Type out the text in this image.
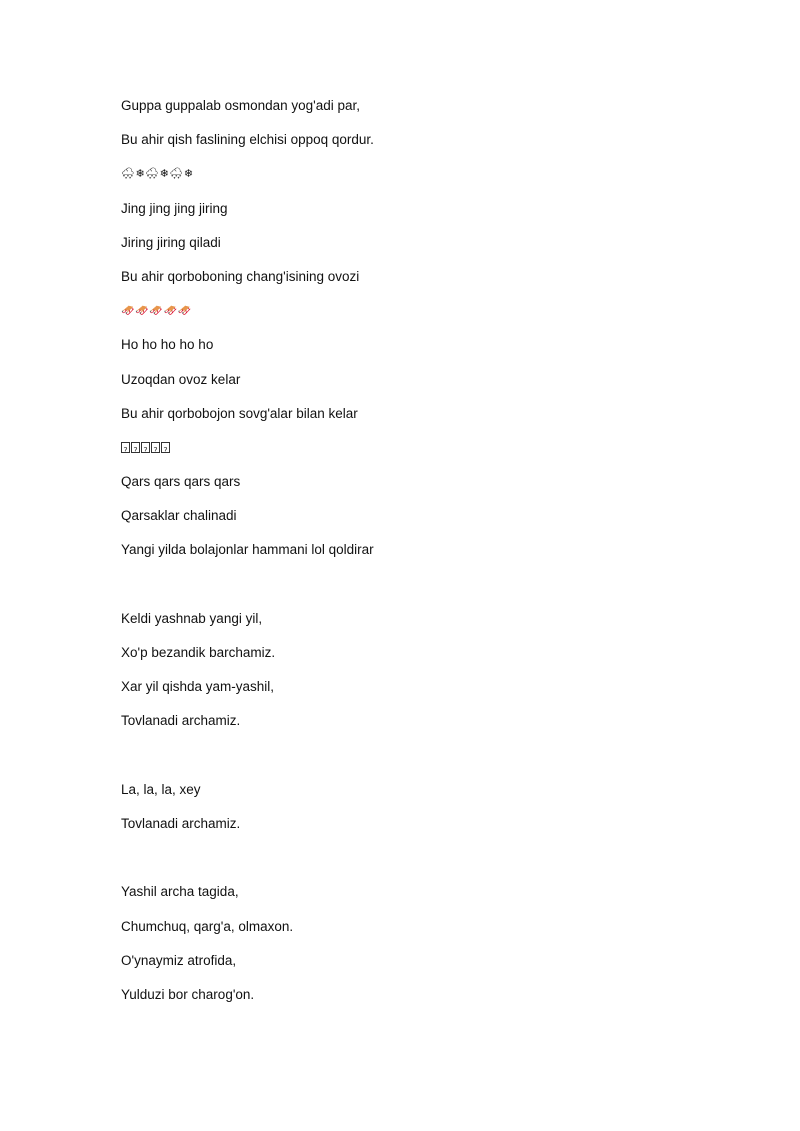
Guppa guppalab osmondan yog'adi par,
Bu ahir qish faslining elchisi oppoq qordur.
🌨❄🌨❄🌨❄
Jing jing jing jiring
Jiring jiring qiladi
Bu ahir qorboboning chang'isining ovozi
🛷🛷🛷🛷🛷
Ho ho ho ho ho
Uzoqdan ovoz kelar
Bu ahir qorbobojon sovg'alar bilan kelar
?
?
?
?
?
Qars qars qars qars
Qarsaklar chalinadi
Yangi yilda bolajonlar hammani lol qoldirar
Keldi yashnab yangi yil,
Xo'p bezandik barchamiz.
Xar yil qishda yam-yashil,
Tovlanadi archamiz.
La, la, la, xey
Tovlanadi archamiz.
Yashil archa tagida,
Chumchuq, qarg'a, olmaxon.
O'ynaymiz atrofida,
Yulduzi bor charog'on.
